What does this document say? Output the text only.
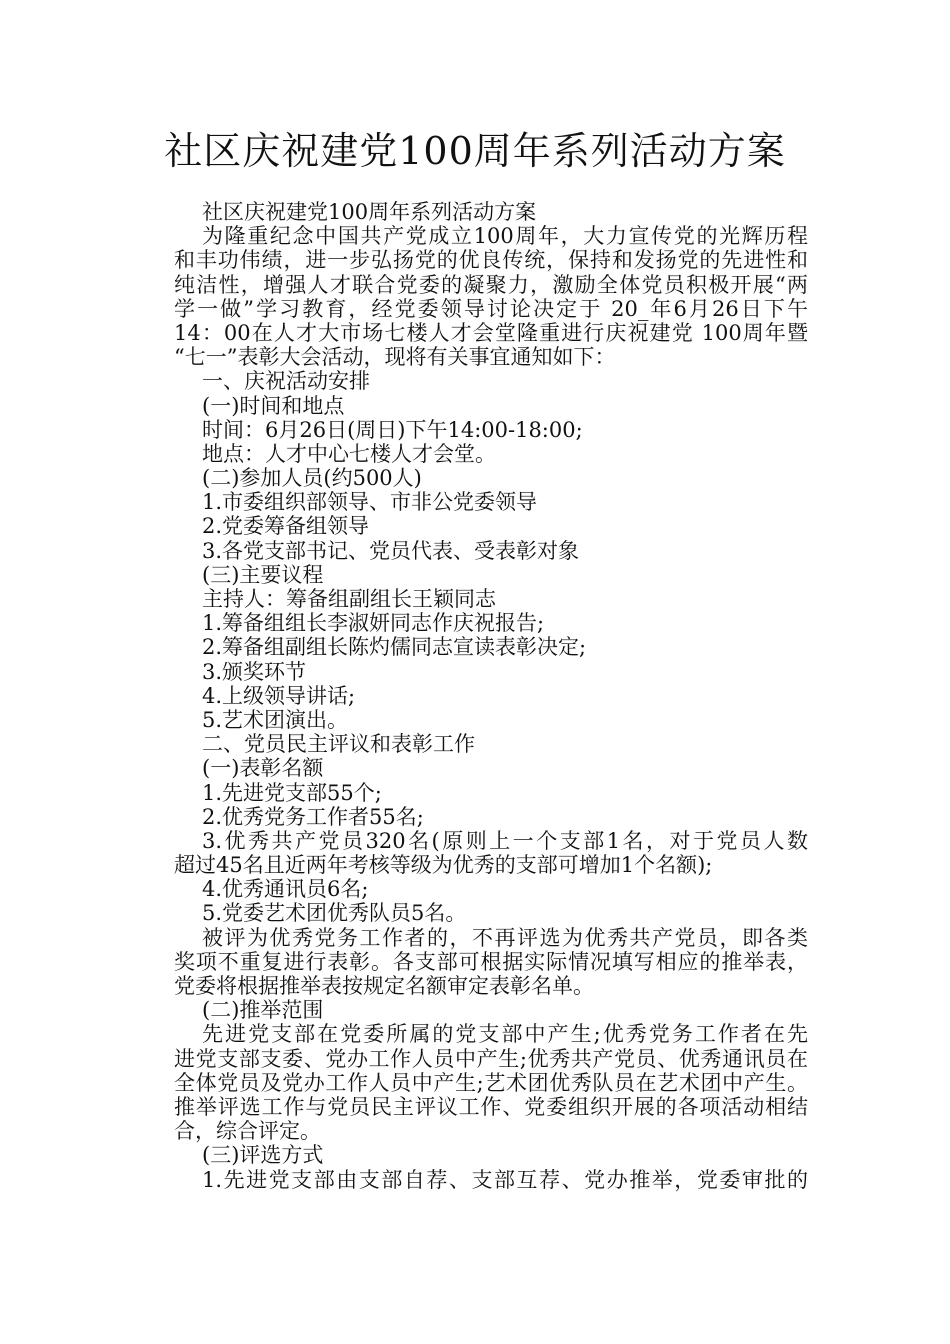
社区庆祝建党100周年系列活动方案
社区庆祝建党100周年系列活动方案
为隆重纪念中国共产党成立100周年，大力宣传党的光辉历程
和丰功伟绩，进一步弘扬党的优良传统，保持和发扬党的先进性和
纯洁性，增强人才联合党委的凝聚力，激励全体党员积极开展“两
学一做”学习教育，经党委领导讨论决定于 20_年6月26日下午
14：00在人才大市场七楼人才会堂隆重进行庆祝建党 100周年暨
“七一”表彰大会活动，现将有关事宜通知如下：
一、庆祝活动安排
(一)时间和地点
时间：6月26日(周日)下午14:00-18:00;
地点：人才中心七楼人才会堂。
(二)参加人员(约500人)
1.市委组织部领导、市非公党委领导
2.党委筹备组领导
3.各党支部书记、党员代表、受表彰对象
(三)主要议程
主持人：筹备组副组长王颖同志
1.筹备组组长李淑妍同志作庆祝报告;
2.筹备组副组长陈灼儒同志宣读表彰决定;
3.颁奖环节
4.上级领导讲话;
5.艺术团演出。
二、党员民主评议和表彰工作
(一)表彰名额
1.先进党支部55个;
2.优秀党务工作者55名;
3.优秀共产党员320名(原则上一个支部1名，对于党员人数
超过45名且近两年考核等级为优秀的支部可增加1个名额);
4.优秀通讯员6名;
5.党委艺术团优秀队员5名。
被评为优秀党务工作者的，不再评选为优秀共产党员，即各类
奖项不重复进行表彰。各支部可根据实际情况填写相应的推举表，
党委将根据推举表按规定名额审定表彰名单。
(二)推举范围
先进党支部在党委所属的党支部中产生;优秀党务工作者在先
进党支部支委、党办工作人员中产生;优秀共产党员、优秀通讯员在
全体党员及党办工作人员中产生;艺术团优秀队员在艺术团中产生。
推举评选工作与党员民主评议工作、党委组织开展的各项活动相结
合，综合评定。
(三)评选方式
1.先进党支部由支部自荐、支部互荐、党办推举，党委审批的
